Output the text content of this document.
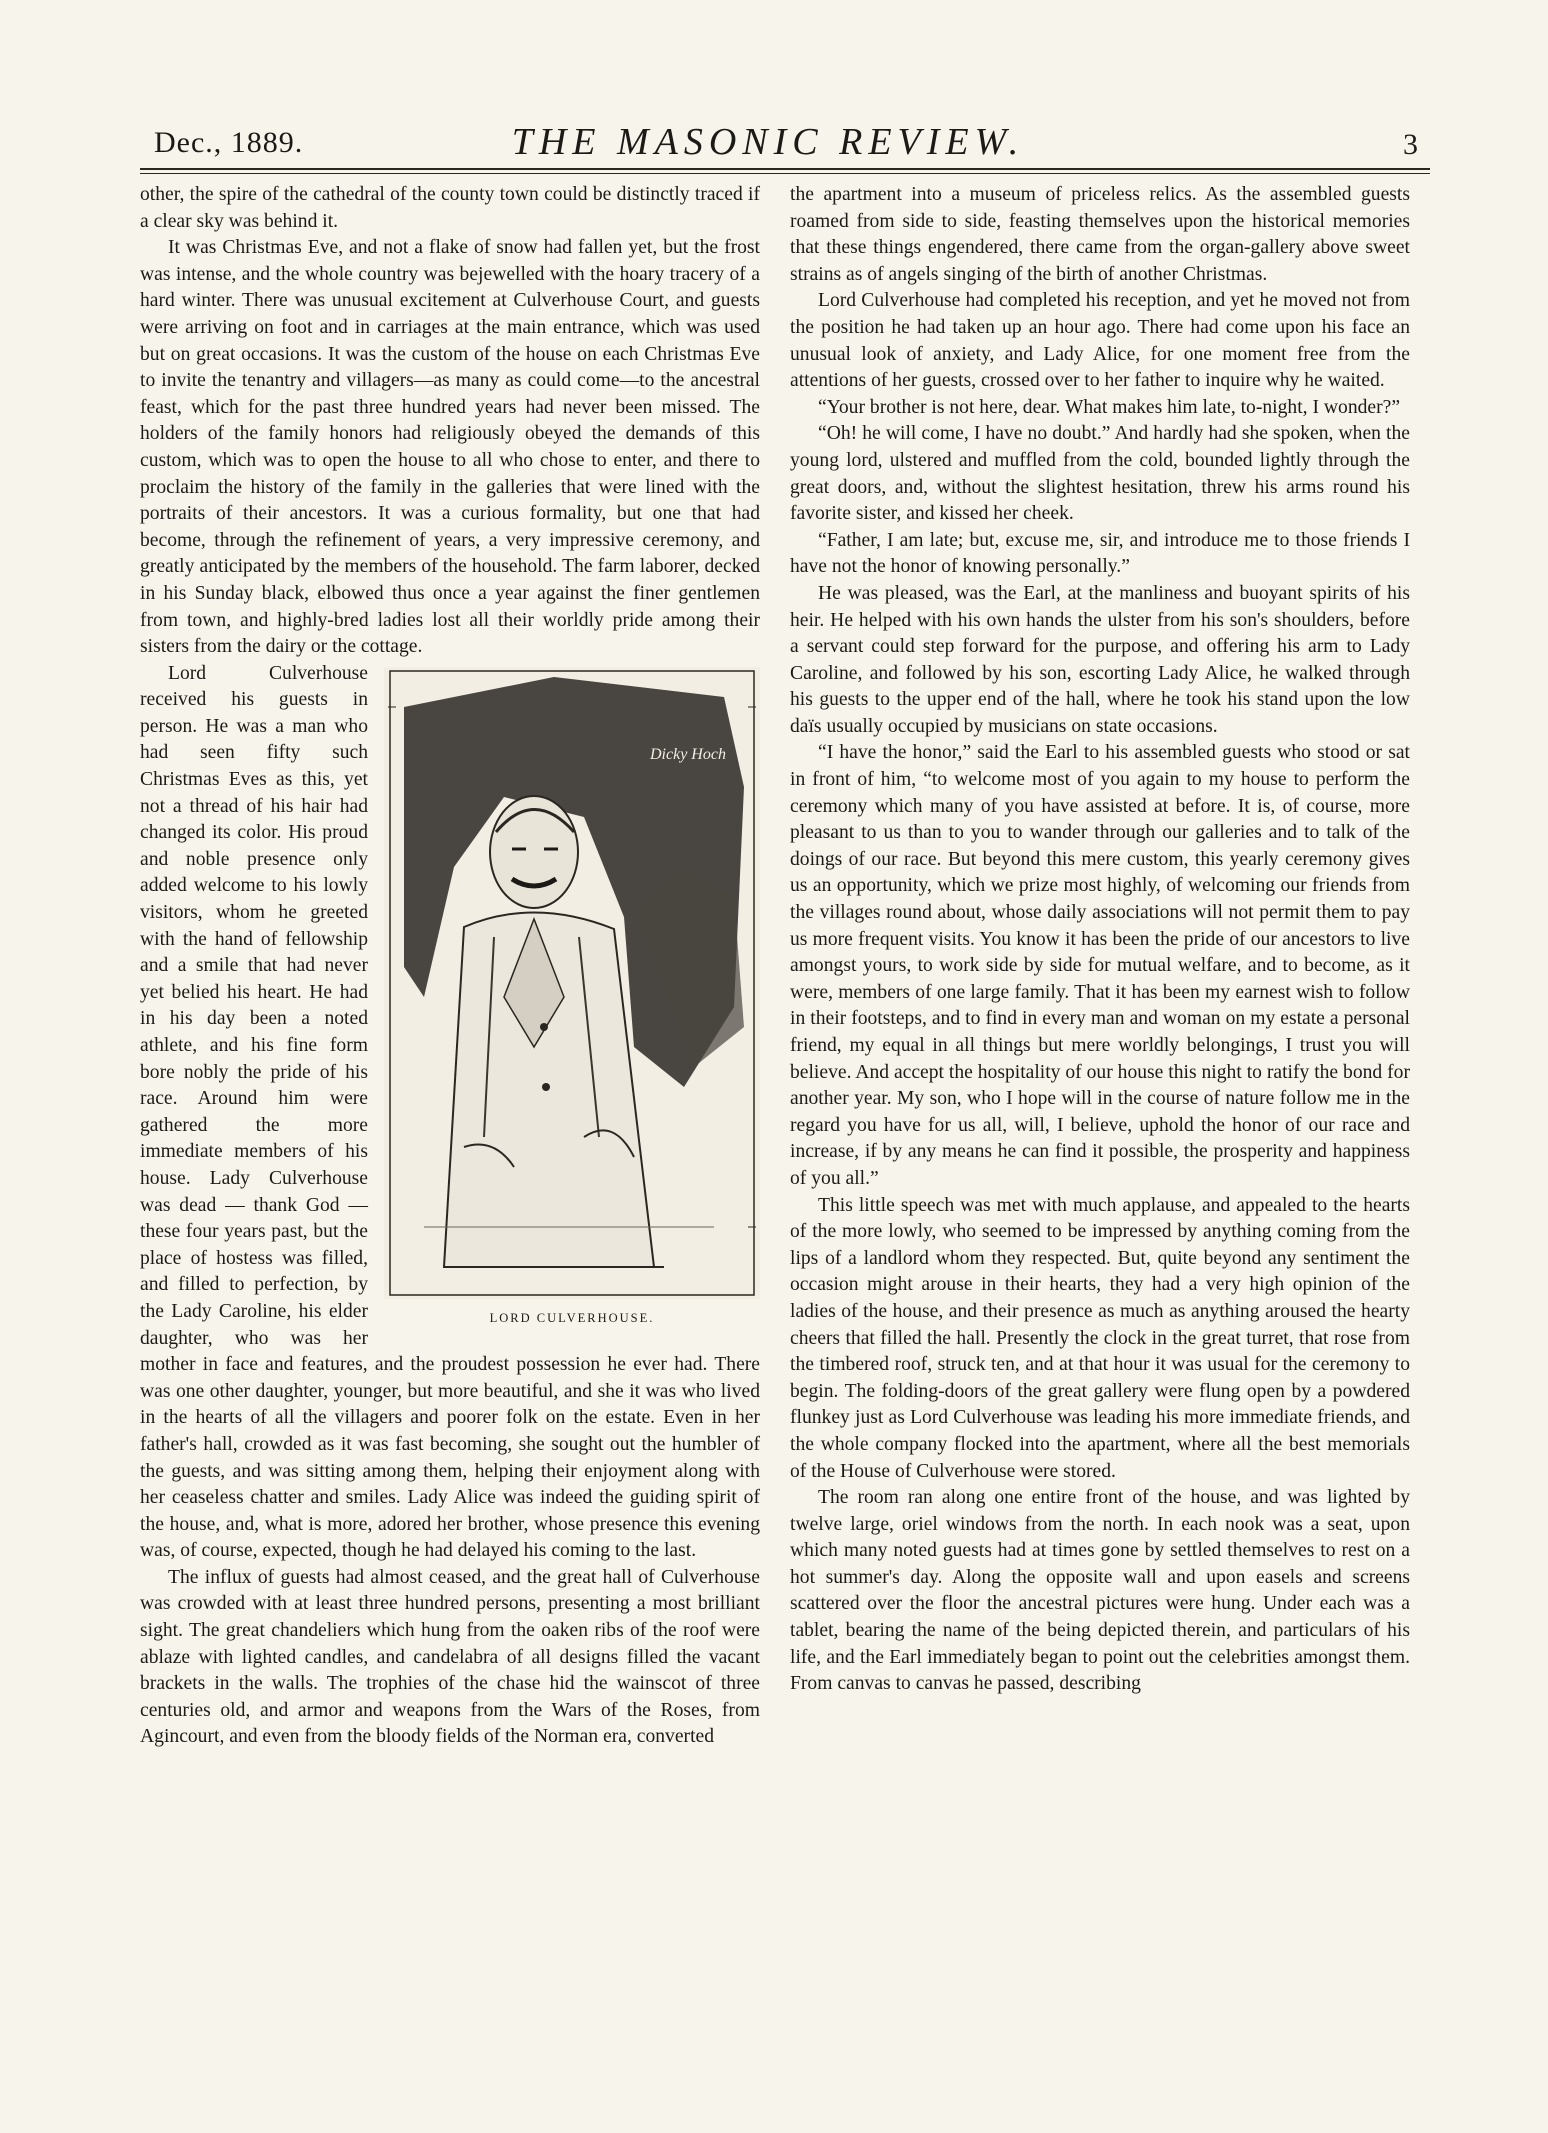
Dec., 1889.	THE MASONIC REVIEW.	3

other, the spire of the cathedral of the county town could be distinctly traced if a clear sky was behind it.

It was Christmas Eve, and not a flake of snow had fallen yet, but the frost was intense, and the whole country was bejewelled with the hoary tracery of a hard winter. There was unusual excitement at Culverhouse Court, and guests were arriving on foot and in carriages at the main entrance, which was used but on great occasions. It was the custom of the house on each Christmas Eve to invite the tenantry and villagers—as many as could come—to the ancestral feast, which for the past three hundred years had never been missed. The holders of the family honors had religiously obeyed the demands of this custom, which was to open the house to all who chose to enter, and there to proclaim the history of the family in the galleries that were lined with the portraits of their ancestors. It was a curious formality, but one that had become, through the refinement of years, a very impressive ceremony, and greatly anticipated by the members of the household. The farm laborer, decked in his Sunday black, elbowed thus once a year against the finer gentlemen from town, and highly-bred ladies lost all their worldly pride among their sisters from the dairy or the cottage.

Dicky Hoch
LORD CULVERHOUSE.

Lord Culverhouse received his guests in person. He was a man who had seen fifty such Christmas Eves as this, yet not a thread of his hair had changed its color. His proud and noble presence only added welcome to his lowly visitors, whom he greeted with the hand of fellowship and a smile that had never yet belied his heart. He had in his day been a noted athlete, and his fine form bore nobly the pride of his race. Around him were gathered the more immediate members of his house. Lady Culverhouse was dead — thank God — these four years past, but the place of hostess was filled, and filled to perfection, by the Lady Caroline, his elder daughter, who was her mother in face and features, and the proudest possession he ever had. There was one other daughter, younger, but more beautiful, and she it was who lived in the hearts of all the villagers and poorer folk on the estate. Even in her father's hall, crowded as it was fast becoming, she sought out the humbler of the guests, and was sitting among them, helping their enjoyment along with her ceaseless chatter and smiles. Lady Alice was indeed the guiding spirit of the house, and, what is more, adored her brother, whose presence this evening was, of course, expected, though he had delayed his coming to the last.

The influx of guests had almost ceased, and the great hall of Culverhouse was crowded with at least three hundred persons, presenting a most brilliant sight. The great chandeliers which hung from the oaken ribs of the roof were ablaze with lighted candles, and candelabra of all designs filled the vacant brackets in the walls. The trophies of the chase hid the wainscot of three centuries old, and armor and weapons from the Wars of the Roses, from Agincourt, and even from the bloody fields of the Norman era, converted

the apartment into a museum of priceless relics. As the assembled guests roamed from side to side, feasting themselves upon the historical memories that these things engendered, there came from the organ-gallery above sweet strains as of angels singing of the birth of another Christmas.

Lord Culverhouse had completed his reception, and yet he moved not from the position he had taken up an hour ago. There had come upon his face an unusual look of anxiety, and Lady Alice, for one moment free from the attentions of her guests, crossed over to her father to inquire why he waited.

“Your brother is not here, dear. What makes him late, to-night, I wonder?”

“Oh! he will come, I have no doubt.” And hardly had she spoken, when the young lord, ulstered and muffled from the cold, bounded lightly through the great doors, and, without the slightest hesitation, threw his arms round his favorite sister, and kissed her cheek.

“Father, I am late; but, excuse me, sir, and introduce me to those friends I have not the honor of knowing personally.”

He was pleased, was the Earl, at the manliness and buoyant spirits of his heir. He helped with his own hands the ulster from his son's shoulders, before a servant could step forward for the purpose, and offering his arm to Lady Caroline, and followed by his son, escorting Lady Alice, he walked through his guests to the upper end of the hall, where he took his stand upon the low daïs usually occupied by musicians on state occasions.

“I have the honor,” said the Earl to his assembled guests who stood or sat in front of him, “to welcome most of you again to my house to perform the ceremony which many of you have assisted at before. It is, of course, more pleasant to us than to you to wander through our galleries and to talk of the doings of our race. But beyond this mere custom, this yearly ceremony gives us an opportunity, which we prize most highly, of welcoming our friends from the villages round about, whose daily associations will not permit them to pay us more frequent visits. You know it has been the pride of our ancestors to live amongst yours, to work side by side for mutual welfare, and to become, as it were, members of one large family. That it has been my earnest wish to follow in their footsteps, and to find in every man and woman on my estate a personal friend, my equal in all things but mere worldly belongings, I trust you will believe. And accept the hospitality of our house this night to ratify the bond for another year. My son, who I hope will in the course of nature follow me in the regard you have for us all, will, I believe, uphold the honor of our race and increase, if by any means he can find it possible, the prosperity and happiness of you all.”

This little speech was met with much applause, and appealed to the hearts of the more lowly, who seemed to be impressed by anything coming from the lips of a landlord whom they respected. But, quite beyond any sentiment the occasion might arouse in their hearts, they had a very high opinion of the ladies of the house, and their presence as much as anything aroused the hearty cheers that filled the hall. Presently the clock in the great turret, that rose from the timbered roof, struck ten, and at that hour it was usual for the ceremony to begin. The folding-doors of the great gallery were flung open by a powdered flunkey just as Lord Culverhouse was leading his more immediate friends, and the whole company flocked into the apartment, where all the best memorials of the House of Culverhouse were stored.

The room ran along one entire front of the house, and was lighted by twelve large, oriel windows from the north. In each nook was a seat, upon which many noted guests had at times gone by settled themselves to rest on a hot summer's day. Along the opposite wall and upon easels and screens scattered over the floor the ancestral pictures were hung. Under each was a tablet, bearing the name of the being depicted therein, and particulars of his life, and the Earl immediately began to point out the celebrities amongst them. From canvas to canvas he passed, describing
